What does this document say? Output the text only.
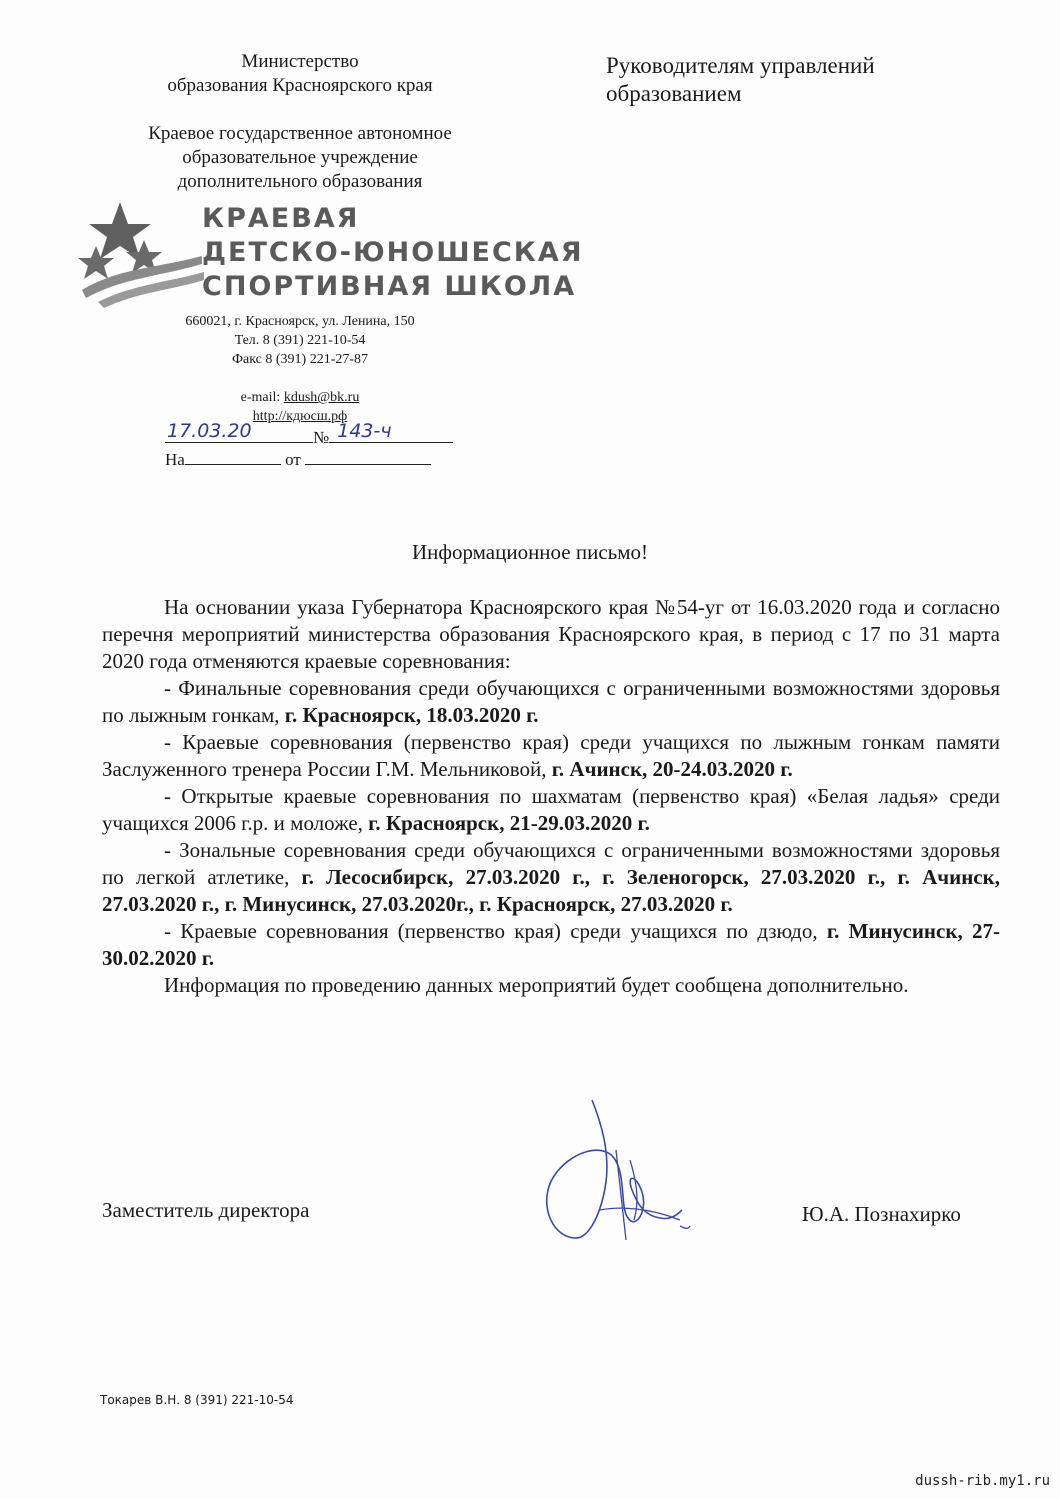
Министерство
образования Красноярского края
Краевое государственное автономное
образовательное учреждение
дополнительного образования
КРАЕВАЯ
ДЕТСКО-ЮНОШЕСКАЯ
СПОРТИВНАЯ ШКОЛА
660021, г. Красноярск, ул. Ленина, 150
Тел. 8 (391) 221-10-54
Факс 8 (391) 221-27-87
e-mail: kdush@bk.ru
http://кдюсш.рф
17.03.20	№ 143-ч
На	от
Руководителям управлений
образованием
Информационное письмо!

На основании указа Губернатора Красноярского края №54-уг от 16.03.2020 года и согласно перечня мероприятий министерства образования Красноярского края, в период с 17 по 31 марта 2020 года отменяются краевые соревнования:

- Финальные соревнования среди обучающихся с ограниченными возможностями здоровья по лыжным гонкам, г. Красноярск, 18.03.2020 г.

- Краевые соревнования (первенство края) среди учащихся по лыжным гонкам памяти Заслуженного тренера России Г.М. Мельниковой, г. Ачинск, 20-24.03.2020 г.

- Открытые краевые соревнования по шахматам (первенство края) «Белая ладья» среди учащихся 2006 г.р. и моложе, г. Красноярск, 21-29.03.2020 г.

- Зональные соревнования среди обучающихся с ограниченными возможностями здоровья по легкой атлетике, г. Лесосибирск, 27.03.2020 г., г. Зеленогорск, 27.03.2020 г., г. Ачинск, 27.03.2020 г., г. Минусинск, 27.03.2020г., г. Красноярск, 27.03.2020 г.

- Краевые соревнования (первенство края) среди учащихся по дзюдо, г. Минусинск, 27-30.02.2020 г.

Информация по проведению данных мероприятий будет сообщена дополнительно.

Заместитель директора	Ю.А. Познахирко
Токарев В.Н. 8 (391) 221-10-54
dussh-rib.my1.ru
